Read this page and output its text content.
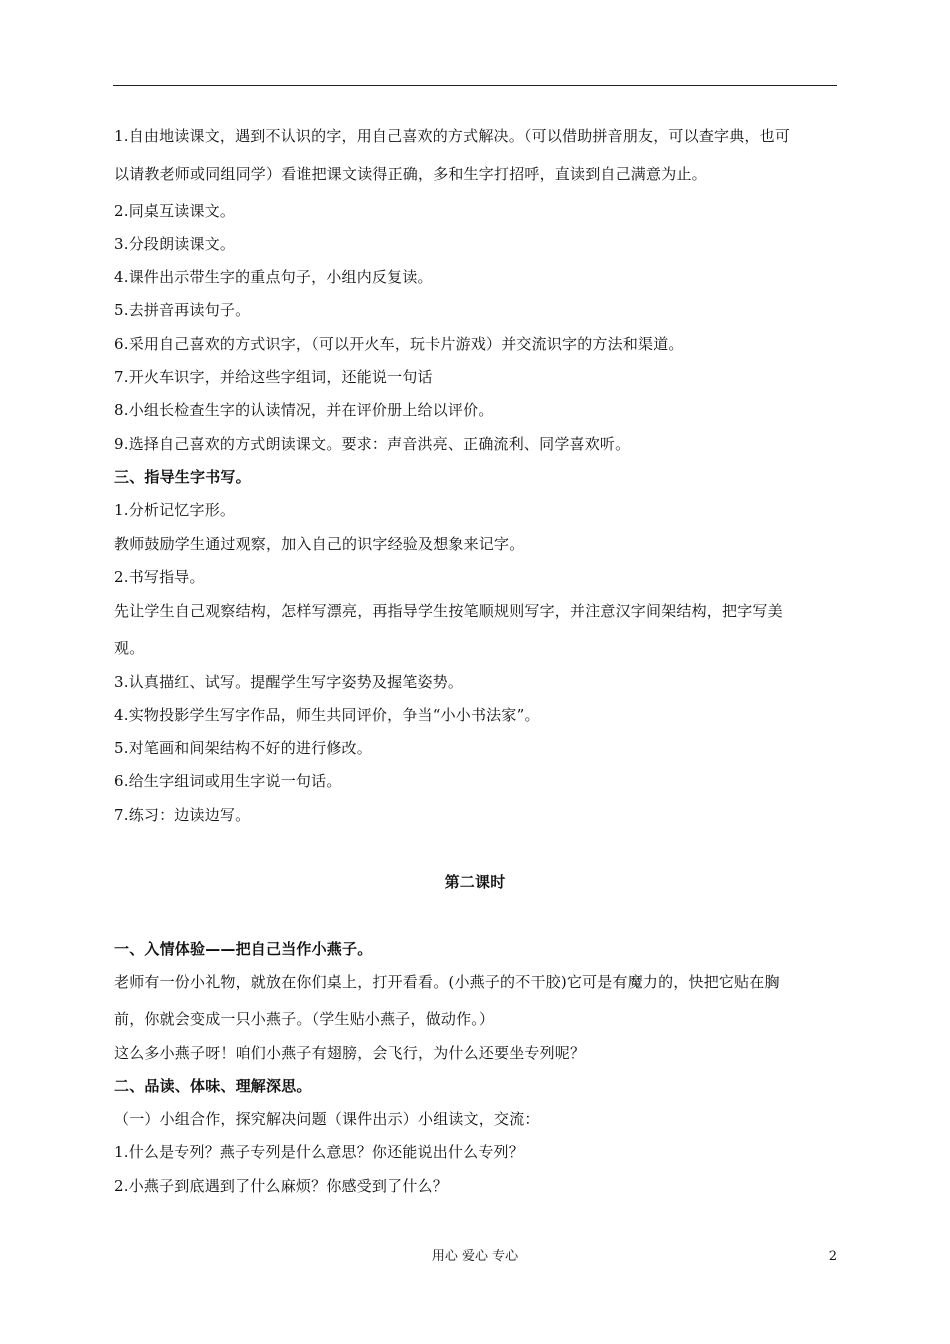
1.自由地读课文，遇到不认识的字，用自己喜欢的方式解决。（可以借助拼音朋友，可以查字典，也可
以请教老师或同组同学）看谁把课文读得正确，多和生字打招呼，直读到自己满意为止。
2.同桌互读课文。
3.分段朗读课文。
4.课件出示带生字的重点句子，小组内反复读。
5.去拼音再读句子。
6.采用自己喜欢的方式识字，（可以开火车，玩卡片游戏）并交流识字的方法和渠道。
7.开火车识字，并给这些字组词，还能说一句话
8.小组长检查生字的认读情况，并在评价册上给以评价。
9.选择自己喜欢的方式朗读课文。要求：声音洪亮、正确流利、同学喜欢听。
三、指导生字书写。
1.分析记忆字形。
教师鼓励学生通过观察，加入自己的识字经验及想象来记字。
2.书写指导。
先让学生自己观察结构，怎样写漂亮，再指导学生按笔顺规则写字，并注意汉字间架结构，把字写美
观。
3.认真描红、试写。提醒学生写字姿势及握笔姿势。
4.实物投影学生写字作品，师生共同评价，争当“小小书法家”。
5.对笔画和间架结构不好的进行修改。
6.给生字组词或用生字说一句话。
7.练习：边读边写。
第二课时
一、入情体验——把自己当作小燕子。
老师有一份小礼物，就放在你们桌上，打开看看。(小燕子的不干胶)它可是有魔力的，快把它贴在胸
前，你就会变成一只小燕子。（学生贴小燕子，做动作。）
这么多小燕子呀！咱们小燕子有翅膀，会飞行，为什么还要坐专列呢？
二、品读、体味、理解深思。
（一）小组合作，探究解决问题（课件出示）小组读文，交流：
1.什么是专列？燕子专列是什么意思？你还能说出什么专列？
2.小燕子到底遇到了什么麻烦？你感受到了什么？
用心 爱心 专心	2
